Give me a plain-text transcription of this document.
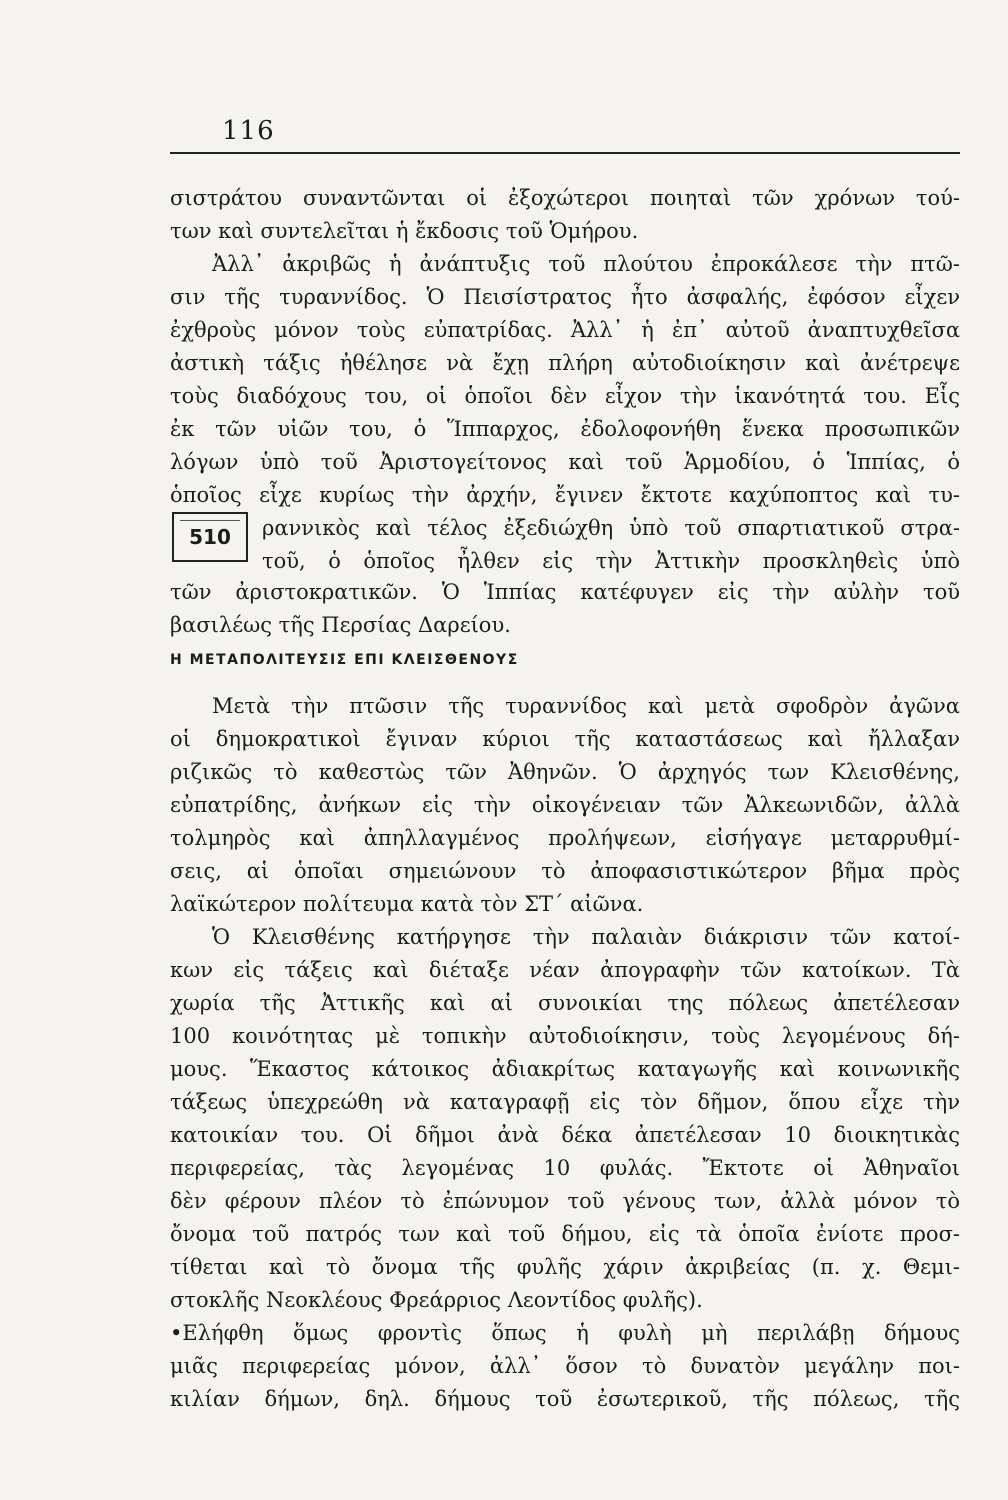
116
σιστράτου συναντῶνται οἱ ἐξοχώτεροι ποιηταὶ τῶν χρόνων τού-
των καὶ συντελεῖται ἡ ἔκδοσις τοῦ Ὁμήρου.
Ἀλλ᾽ ἀκριβῶς ἡ ἀνάπτυξις τοῦ πλούτου ἐπροκάλεσε τὴν πτῶ-
σιν τῆς τυραννίδος. Ὁ Πεισίστρατος ἦτο ἀσφαλής, ἐφόσον εἶχεν
ἐχθροὺς μόνον τοὺς εὐπατρίδας. Ἀλλ᾽ ἡ ἐπ᾽ αὐτοῦ ἀναπτυχθεῖσα
ἀστικὴ τάξις ἠθέλησε νὰ ἔχῃ πλήρη αὐτοδιοίκησιν καὶ ἀνέτρεψε
τοὺς διαδόχους του, οἱ ὁποῖοι δὲν εἶχον τὴν ἱκανότητά του. Εἷς
ἐκ τῶν υἱῶν του, ὁ Ἵππαρχος, ἐδολοφονήθη ἕνεκα προσωπικῶν
λόγων ὑπὸ τοῦ Ἀριστογείτονος καὶ τοῦ Ἁρμοδίου, ὁ Ἱππίας, ὁ
ὁποῖος εἶχε κυρίως τὴν ἀρχήν, ἔγινεν ἔκτοτε καχύποπτος καὶ τυ-
510	ραννικὸς καὶ τέλος ἐξεδιώχθη ὑπὸ τοῦ σπαρτιατικοῦ στρα-
τοῦ, ὁ ὁποῖος ἦλθεν εἰς τὴν Ἀττικὴν προσκληθεὶς ὑπὸ
τῶν ἀριστοκρατικῶν. Ὁ Ἱππίας κατέφυγεν εἰς τὴν αὐλὴν τοῦ
βασιλέως τῆς Περσίας Δαρείου.
Η ΜΕΤΑΠΟΛΙΤΕΥΣΙΣ ΕΠΙ ΚΛΕΙΣΘΕΝΟΥΣ
Μετὰ τὴν πτῶσιν τῆς τυραννίδος καὶ μετὰ σφοδρὸν ἀγῶνα
οἱ δημοκρατικοὶ ἔγιναν κύριοι τῆς καταστάσεως καὶ ἤλλαξαν
ριζικῶς τὸ καθεστὼς τῶν Ἀθηνῶν. Ὁ ἀρχηγός των Κλεισθένης,
εὐπατρίδης, ἀνήκων εἰς τὴν οἰκογένειαν τῶν Ἀλκεωνιδῶν, ἀλλὰ
τολμηρὸς καὶ ἀπηλλαγμένος προλήψεων, εἰσήγαγε μεταρρυθμί-
σεις, αἱ ὁποῖαι σημειώνουν τὸ ἀποφασιστικώτερον βῆμα πρὸς
λαϊκώτερον πολίτευμα κατὰ τὸν ΣΤ´ αἰῶνα.
Ὁ Κλεισθένης κατήργησε τὴν παλαιὰν διάκρισιν τῶν κατοί-
κων εἰς τάξεις καὶ διέταξε νέαν ἀπογραφὴν τῶν κατοίκων. Τὰ
χωρία τῆς Ἀττικῆς καὶ αἱ συνοικίαι της πόλεως ἀπετέλεσαν
100 κοινότητας μὲ τοπικὴν αὐτοδιοίκησιν, τοὺς λεγομένους δή-
μους. Ἕκαστος κάτοικος ἀδιακρίτως καταγωγῆς καὶ κοινωνικῆς
τάξεως ὑπεχρεώθη νὰ καταγραφῇ εἰς τὸν δῆμον, ὅπου εἶχε τὴν
κατοικίαν του. Οἱ δῆμοι ἀνὰ δέκα ἀπετέλεσαν 10 διοικητικὰς
περιφερείας, τὰς λεγομένας 10 φυλάς. Ἔκτοτε οἱ Ἀθηναῖοι
δὲν φέρουν πλέον τὸ ἐπώνυμον τοῦ γένους των, ἀλλὰ μόνον τὸ
ὄνομα τοῦ πατρός των καὶ τοῦ δήμου, εἰς τὰ ὁποῖα ἐνίοτε προσ-
τίθεται καὶ τὸ ὄνομα τῆς φυλῆς χάριν ἀκριβείας (π. χ. Θεμι-
στοκλῆς Νεοκλέους Φρεάρριος Λεοντίδος φυλῆς).
•Ελήφθη ὅμως φροντὶς ὅπως ἡ φυλὴ μὴ περιλάβῃ δήμους
μιᾶς περιφερείας μόνον, ἀλλ᾽ ὅσον τὸ δυνατὸν μεγάλην ποι-
κιλίαν δήμων, δηλ. δήμους τοῦ ἐσωτερικοῦ, τῆς πόλεως, τῆς
